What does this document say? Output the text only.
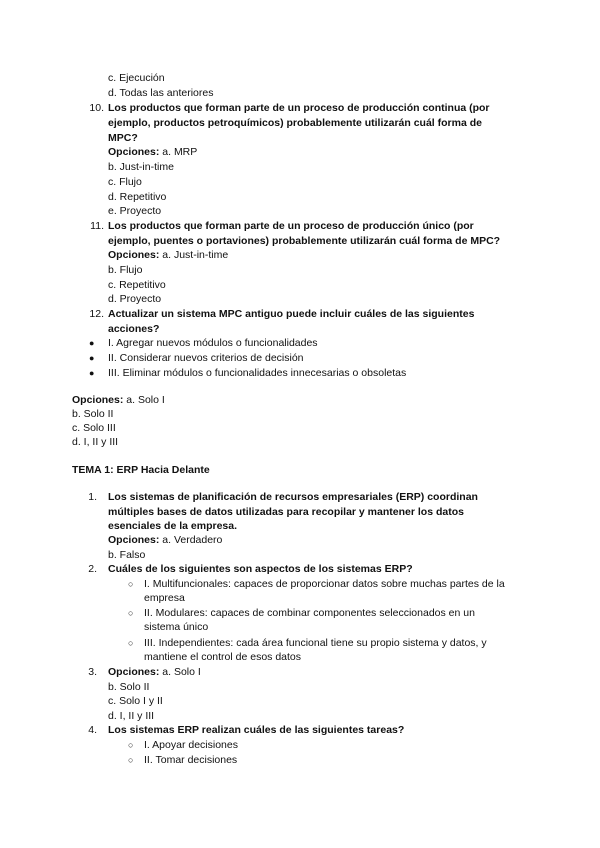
c. Ejecución
d. Todas las anteriores
10. Los productos que forman parte de un proceso de producción continua (por
ejemplo, productos petroquímicos) probablemente utilizarán cuál forma de
MPC?
Opciones: a. MRP
b. Just-in-time
c. Flujo
d. Repetitivo
e. Proyecto
11. Los productos que forman parte de un proceso de producción único (por
ejemplo, puentes o portaviones) probablemente utilizarán cuál forma de MPC?
Opciones: a. Just-in-time
b. Flujo
c. Repetitivo
d. Proyecto
12. Actualizar un sistema MPC antiguo puede incluir cuáles de las siguientes
acciones?
● I. Agregar nuevos módulos o funcionalidades
● II. Considerar nuevos criterios de decisión
● III. Eliminar módulos o funcionalidades innecesarias o obsoletas
Opciones: a. Solo I
b. Solo II
c. Solo III
d. I, II y III
TEMA 1: ERP Hacia Delante
1. Los sistemas de planificación de recursos empresariales (ERP) coordinan
múltiples bases de datos utilizadas para recopilar y mantener los datos
esenciales de la empresa.
Opciones: a. Verdadero
b. Falso
2. Cuáles de los siguientes son aspectos de los sistemas ERP?
○ I. Multifuncionales: capaces de proporcionar datos sobre muchas partes de la
empresa
○ II. Modulares: capaces de combinar componentes seleccionados en un
sistema único
○ III. Independientes: cada área funcional tiene su propio sistema y datos, y
mantiene el control de esos datos
3. Opciones: a. Solo I
b. Solo II
c. Solo I y II
d. I, II y III
4. Los sistemas ERP realizan cuáles de las siguientes tareas?
○ I. Apoyar decisiones
○ II. Tomar decisiones
